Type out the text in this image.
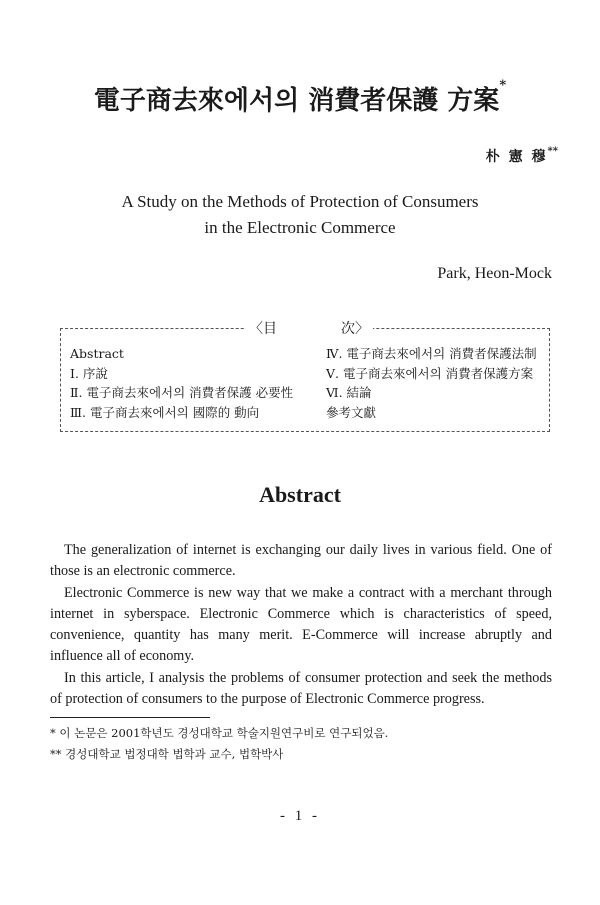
電子商去來에서의 消費者保護 方案*
朴 憲 穆**
A Study on the Methods of Protection of Consumers
in the Electronic Commerce
Park, Heon-Mock
〈目	次〉
Abstract
Ⅰ. 序說
Ⅱ. 電子商去來에서의 消費者保護 必要性
Ⅲ. 電子商去來에서의 國際的 動向
Ⅳ. 電子商去來에서의 消費者保護法制
Ⅴ. 電子商去來에서의 消費者保護方案
Ⅵ. 結論
參考文獻
Abstract

The generalization of internet is exchanging our daily lives in various field. One of those is an electronic commerce.

Electronic Commerce is new way that we make a contract with a merchant through internet in syberspace. Electronic Commerce which is characteristics of speed, convenience, quantity has many merit. E-Commerce will increase abruptly and influence all of economy.

In this article, I analysis the problems of consumer protection and seek the methods of protection of consumers to the purpose of Electronic Commerce progress.

* 이 논문은 2001학년도 경성대학교 학술지원연구비로 연구되었음.
** 경성대학교 법정대학 법학과 교수, 법학박사
- 1 -
